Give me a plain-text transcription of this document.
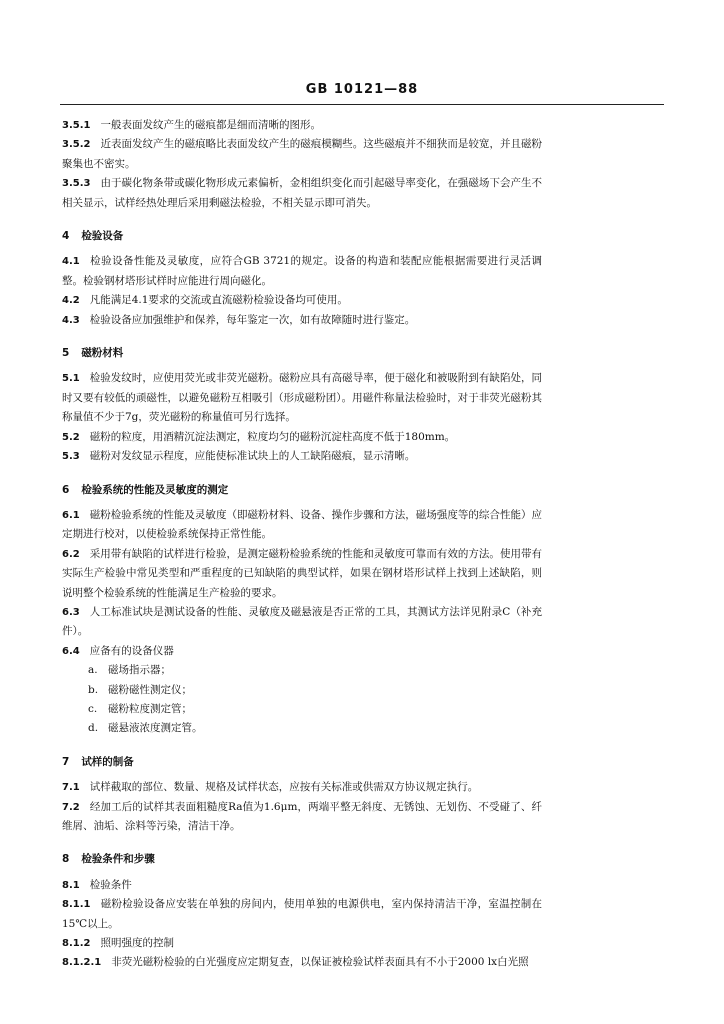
GB 10121—88

3.5.1 一般表面发纹产生的磁痕都是细而清晰的图形。

3.5.2 近表面发纹产生的磁痕略比表面发纹产生的磁痕模糊些。这些磁痕并不细狭而是较宽，并且磁粉聚集也不密实。

3.5.3 由于碳化物条带或碳化物形成元素偏析，金相组织变化而引起磁导率变化，在强磁场下会产生不相关显示，试样经热处理后采用剩磁法检验，不相关显示即可消失。

4 检验设备

4.1 检验设备性能及灵敏度，应符合GB 3721的规定。设备的构造和装配应能根据需要进行灵活调整。检验钢材塔形试样时应能进行周向磁化。

4.2 凡能满足4.1要求的交流或直流磁粉检验设备均可使用。

4.3 检验设备应加强维护和保养，每年鉴定一次，如有故障随时进行鉴定。

5 磁粉材料

5.1 检验发纹时，应使用荧光或非荧光磁粉。磁粉应具有高磁导率，便于磁化和被吸附到有缺陷处，同时又要有较低的顽磁性，以避免磁粉互相吸引（形成磁粉团）。用磁件称量法检验时，对于非荧光磁粉其称量值不少于7g，荧光磁粉的称量值可另行选择。

5.2 磁粉的粒度，用酒精沉淀法测定，粒度均匀的磁粉沉淀柱高度不低于180mm。

5.3 磁粉对发纹显示程度，应能使标准试块上的人工缺陷磁痕，显示清晰。

6 检验系统的性能及灵敏度的测定

6.1 磁粉检验系统的性能及灵敏度（即磁粉材料、设备、操作步骤和方法，磁场强度等的综合性能）应定期进行校对，以使检验系统保持正常性能。

6.2 采用带有缺陷的试样进行检验，是测定磁粉检验系统的性能和灵敏度可靠而有效的方法。使用带有实际生产检验中常见类型和严重程度的已知缺陷的典型试样，如果在钢材塔形试样上找到上述缺陷，则说明整个检验系统的性能满足生产检验的要求。

6.3 人工标准试块是测试设备的性能、灵敏度及磁悬液是否正常的工具，其测试方法详见附录C（补充件）。

6.4 应备有的设备仪器

a. 磁场指示器；

b. 磁粉磁性测定仪；

c. 磁粉粒度测定管；

d. 磁悬液浓度测定管。

7 试样的制备

7.1 试样截取的部位、数量、规格及试样状态，应按有关标准或供需双方协议规定执行。

7.2 经加工后的试样其表面粗糙度Ra值为1.6μm，两端平整无斜度、无锈蚀、无划伤、不受碰了、纤维屑、油垢、涂料等污染，清洁干净。

8 检验条件和步骤

8.1 检验条件

8.1.1 磁粉检验设备应安装在单独的房间内，使用单独的电源供电，室内保持清洁干净，室温控制在15℃以上。

8.1.2 照明强度的控制

8.1.2.1 非荧光磁粉检验的白光强度应定期复查，以保证被检验试样表面具有不小于2000 lx白光照
